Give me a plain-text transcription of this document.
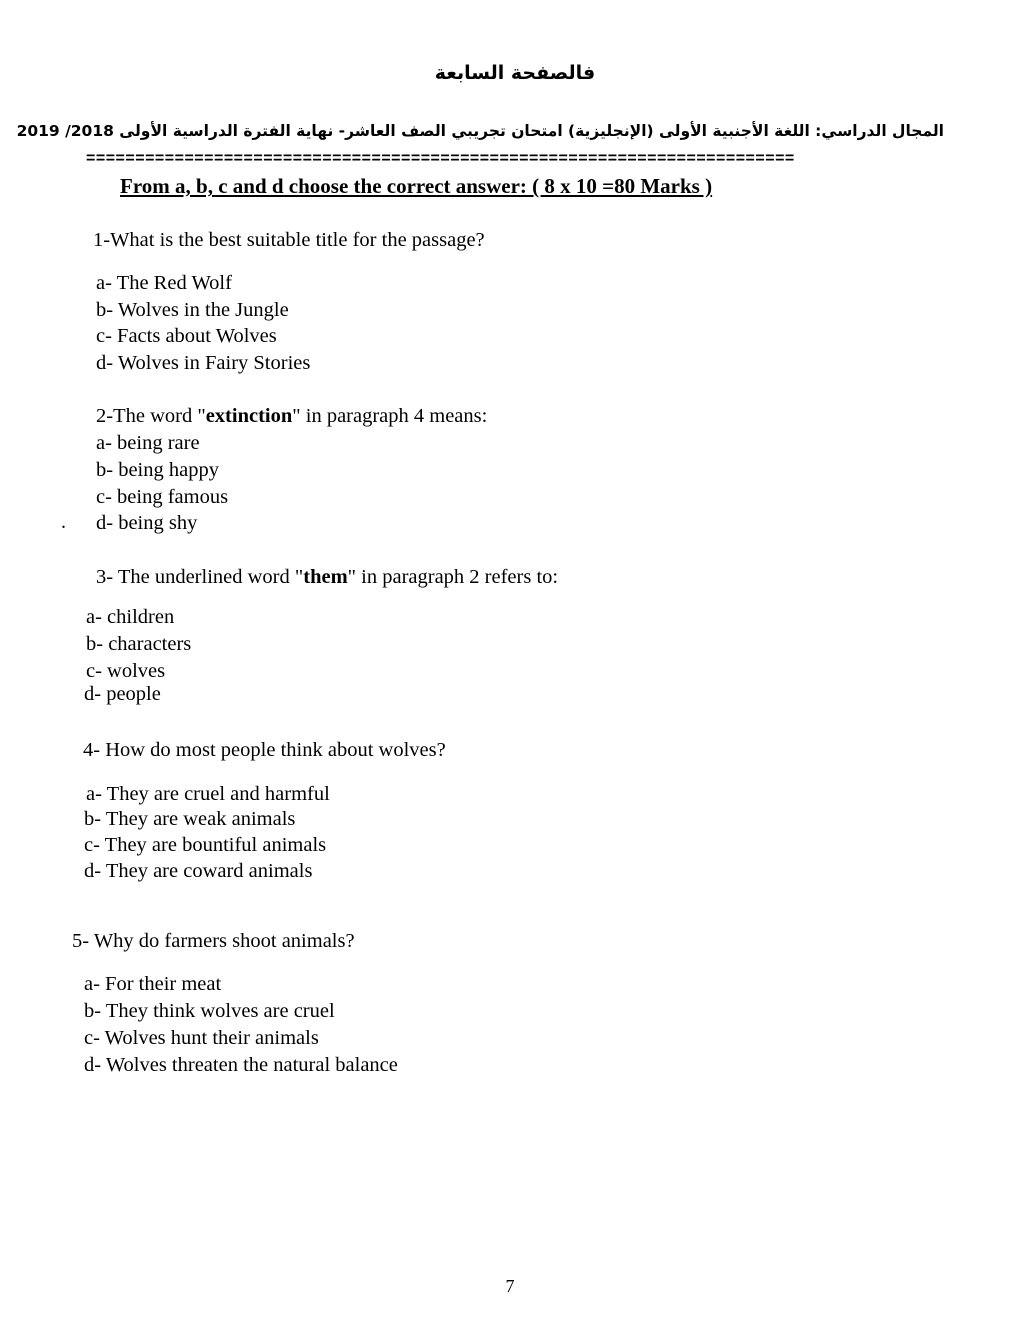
فالصفحة السابعة
المجال الدراسي: اللغة الأجنبية الأولى (الإنجليزية) امتحان تجريبي الصف العاشر- نهاية الفترة الدراسية الأولى 2018/ 2019
========================================================================
From a, b, c and d choose the correct answer: ( 8 x 10 =80 Marks )
1-What is the best suitable title for the passage?
a- The Red Wolf
b- Wolves in the Jungle
c- Facts about Wolves
d- Wolves in Fairy Stories
2-The word "extinction" in paragraph 4 means:
a- being rare
b- being happy
c- being famous
. d- being shy
3- The underlined word "them" in paragraph 2 refers to:
a- children
b- characters
c- wolves
d- people
4- How do most people think about wolves?
a- They are cruel and harmful
b- They are weak animals
c- They are bountiful animals
d- They are coward animals
5- Why do farmers shoot animals?
a- For their meat
b- They think wolves are cruel
c- Wolves hunt their animals
d- Wolves threaten the natural balance
7
